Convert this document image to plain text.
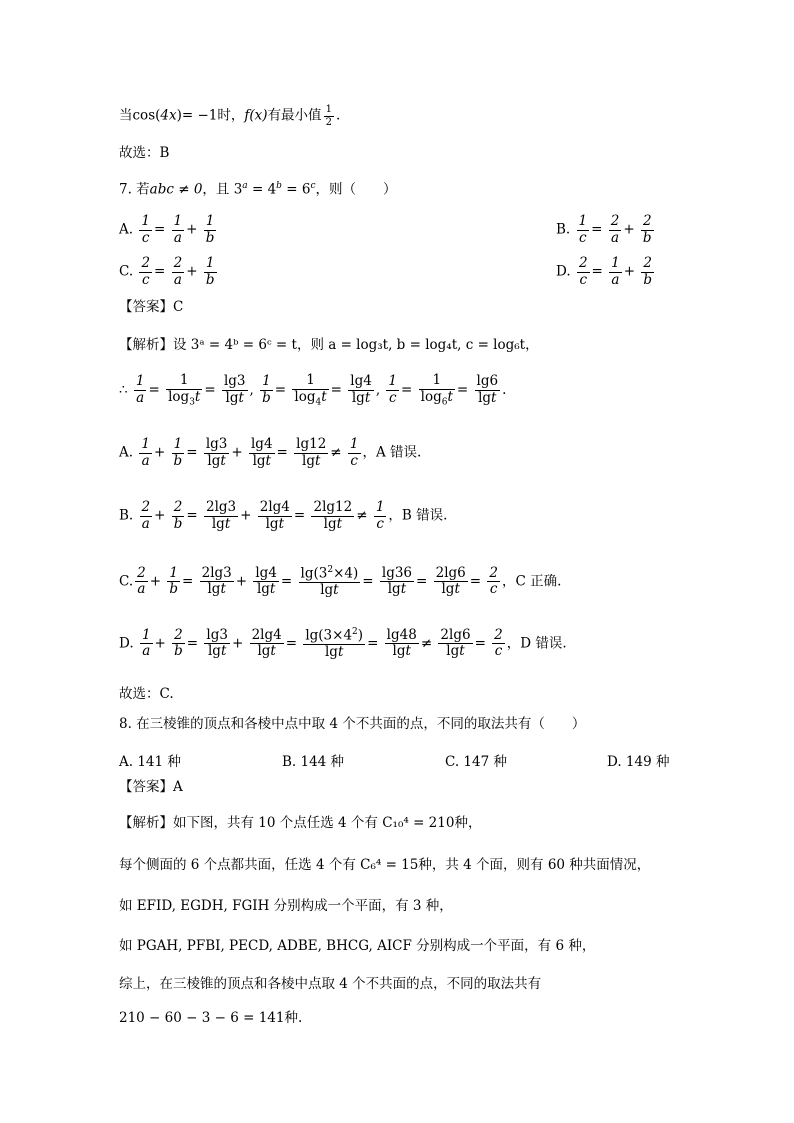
当cos(4x)= −1时，f(x)有最小值 $\frac{1}{2}$ .
故选：B
7. 若abc ≠ 0，且 $3^a = 4^b = 6^c$，则（　　）
A. $\frac{1}{c} = \frac{1}{a} + \frac{1}{b}$	B. $\frac{1}{c} = \frac{2}{a} + \frac{2}{b}$
C. $\frac{2}{c} = \frac{2}{a} + \frac{1}{b}$	D. $\frac{2}{c} = \frac{1}{a} + \frac{2}{b}$
【答案】C
【解析】设 3ᵃ = 4ᵇ = 6ᶜ = t，则 a = log₃t, b = log₄t, c = log₆t，
∴ $\frac{1}{a} = \frac{1}{\log_3t} = \frac{\lg 3}{\lg t}$ , $\frac{1}{b} = \frac{1}{\log_4t} = \frac{\lg 4}{\lg t}$ , $\frac{1}{c} = \frac{1}{\log_6t} = \frac{\lg 6}{\lg t}$ .
A. $\frac{1}{a} + \frac{1}{b} = \frac{\lg 3}{\lg t} + \frac{\lg 4}{\lg t} = \frac{\lg 12}{\lg t} \ne \frac{1}{c}$ ，A 错误.
B. $\frac{2}{a} + \frac{2}{b} = \frac{2\lg 3}{\lg t} + \frac{2\lg 4}{\lg t} = \frac{2\lg 12}{\lg t} \ne \frac{1}{c}$ ，B 错误.
C. $\frac{2}{a} + \frac{1}{b} = \frac{2\lg 3}{\lg t} + \frac{\lg 4}{\lg t} = \frac{\lg(3^2\times 4)}{\lg t} = \frac{\lg 36}{\lg t} = \frac{2\lg 6}{\lg t} = \frac{2}{c}$ ，C 正确.
D. $\frac{1}{a} + \frac{2}{b} = \frac{\lg 3}{\lg t} + \frac{2\lg 4}{\lg t} = \frac{\lg(3\times 4^2)}{\lg t} = \frac{\lg 48}{\lg t} \ne \frac{2\lg 6}{\lg t} = \frac{2}{c}$ ，D 错误.
故选：C.
8. 在三棱锥的顶点和各棱中点中取 4 个不共面的点，不同的取法共有（　　）
A. 141 种	B. 144 种	C. 147 种	D. 149 种
【答案】A
【解析】如下图，共有 10 个点任选 4 个有 C₁₀⁴ = 210种，
每个侧面的 6 个点都共面，任选 4 个有 C₆⁴ = 15种，共 4 个面，则有 60 种共面情况，
如 EFID, EGDH, FGIH 分别构成一个平面，有 3 种，
如 PGAH, PFBI, PECD, ADBE, BHCG, AICF 分别构成一个平面，有 6 种，
综上，在三棱锥的顶点和各棱中点取 4 个不共面的点，不同的取法共有
210 − 60 − 3 − 6 = 141种.
